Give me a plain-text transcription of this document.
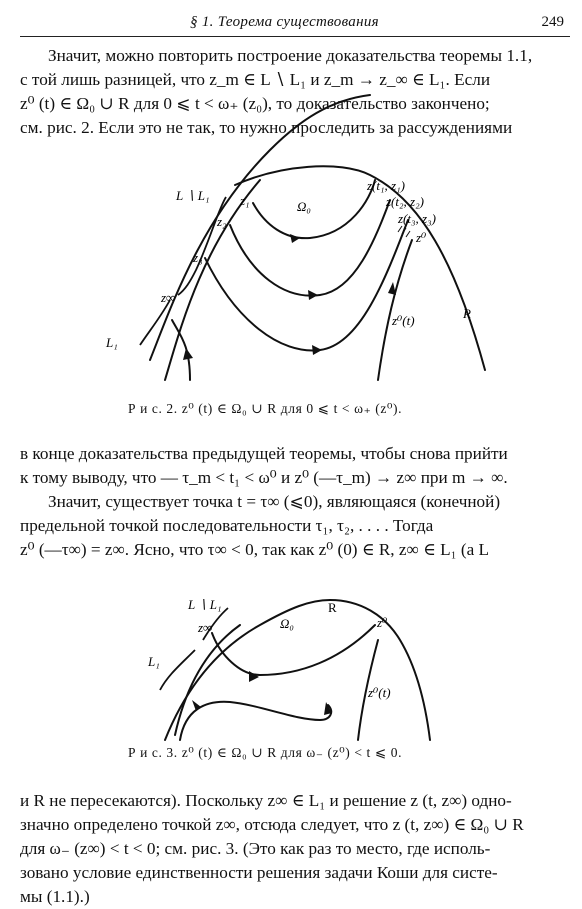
§ 1. Теорема существования	249
Значит, можно повторить построение доказательства теоремы 1.1,
с той лишь разницей, что z_m ∈ L ∖ L₁ и z_m → z_∞ ∈ L₁. Если
z⁰ (t) ∈ Ω₀ ∪ R для 0 ⩽ t < ω₊ (z₀), то доказательство закончено;
см. рис. 2. Если это не так, то нужно проследить за рассуждениями
L ∖ L₁
L₁
z₁
z₂
z₃
z∞
Ω₀
z(t₁, z₁)
z(t₂, z₂)
z(t₃, z₃)
z⁰
z⁰(t)	R
Р и с. 2. z⁰ (t) ∈ Ω₀ ∪ R для 0 ⩽ t < ω₊ (z⁰).
в конце доказательства предыдущей теоремы, чтобы снова прийти
к тому выводу, что — τ_m < t₁ < ω⁰ и z⁰ (—τ_m) → z∞ при m → ∞.
Значит, существует точка t = τ∞ (⩽0), являющаяся (конечной)
предельной точкой последовательности τ₁, τ₂, . . . . Тогда
z⁰ (—τ∞) = z∞. Ясно, что τ∞ < 0, так как z⁰ (0) ∈ R, z∞ ∈ L₁ (а L
L ∖ L₁	R
z∞	Ω₀	z⁰
L₁
z⁰(t)
Р и с. 3. z⁰ (t) ∈ Ω₀ ∪ R для ω₋ (z⁰) < t ⩽ 0.
и R не пересекаются). Поскольку z∞ ∈ L₁ и решение z (t, z∞) одно-
значно определено точкой z∞, отсюда следует, что z (t, z∞) ∈ Ω₀ ∪ R
для ω₋ (z∞) < t < 0; см. рис. 3. (Это как раз то место, где исполь-
зовано условие единственности решения задачи Коши для систе-
мы (1.1).)
